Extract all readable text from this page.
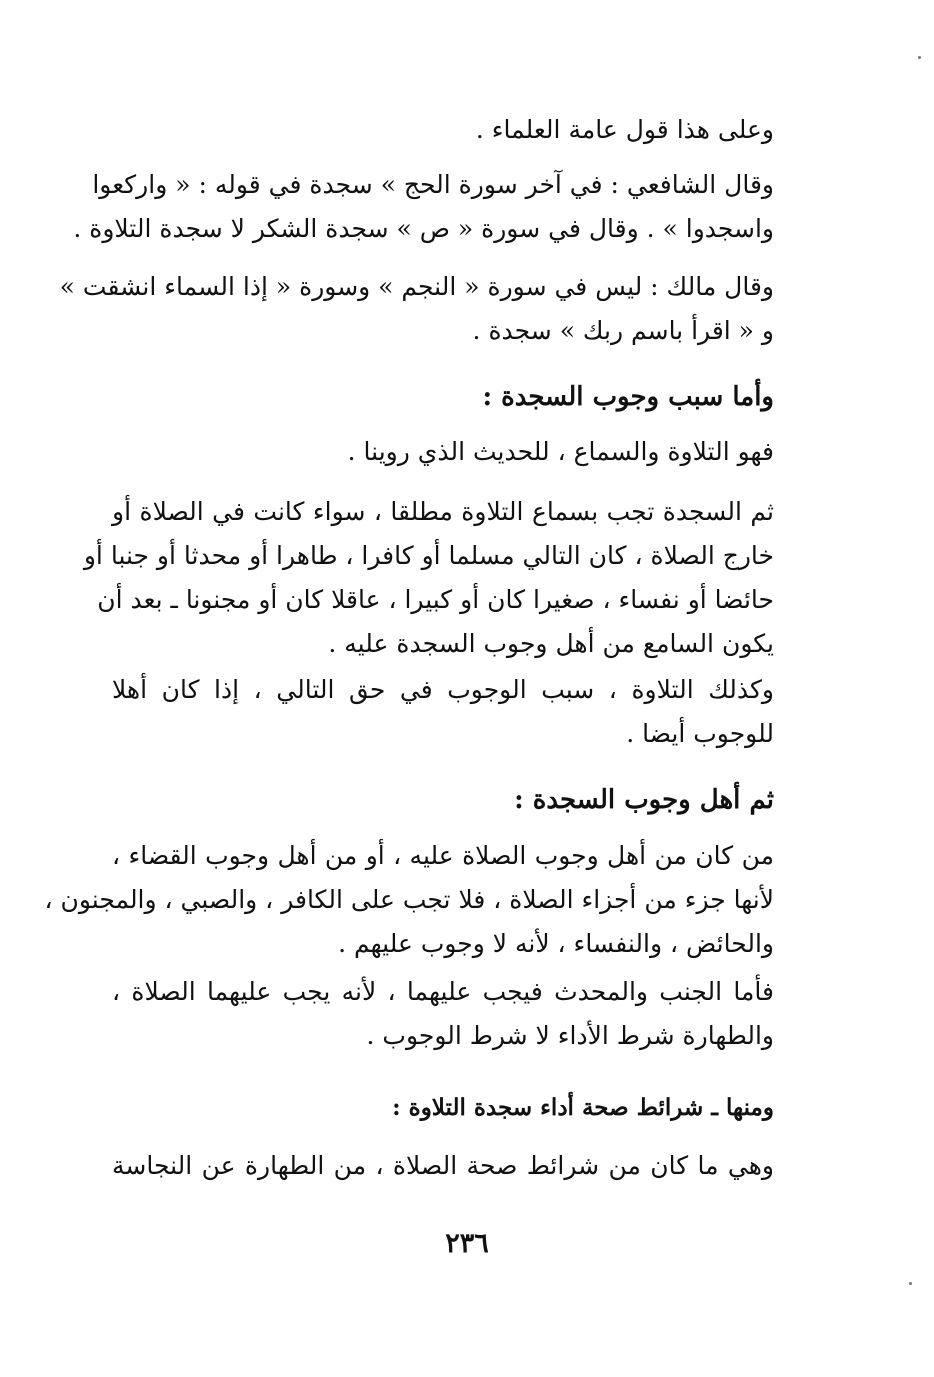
وعلى هذا قول عامة العلماء .
وقال الشافعي : في آخر سورة الحج » سجدة في قوله : « واركعوا
واسجدوا » . وقال في سورة « ص » سجدة الشكر لا سجدة التلاوة .
وقال مالك : ليس في سورة « النجم » وسورة « إذا السماء انشقت »
و « اقرأ باسم ربك » سجدة .
وأما سبب وجوب السجدة :
فهو التلاوة والسماع ، للحديث الذي روينا .
ثم السجدة تجب بسماع التلاوة مطلقا ، سواء كانت في الصلاة أو
خارج الصلاة ، كان التالي مسلما أو كافرا ، طاهرا أو محدثا أو جنبا أو
حائضا أو نفساء ، صغيرا كان أو كبيرا ، عاقلا كان أو مجنونا ـ بعد أن
يكون السامع من أهل وجوب السجدة عليه .
وكذلك التلاوة ، سبب الوجوب في حق التالي ، إذا كان أهلا
للوجوب أيضا .
ثم أهل وجوب السجدة :
من كان من أهل وجوب الصلاة عليه ، أو من أهل وجوب القضاء ،
لأنها جزء من أجزاء الصلاة ، فلا تجب على الكافر ، والصبي ، والمجنون ،
والحائض ، والنفساء ، لأنه لا وجوب عليهم .
فأما الجنب والمحدث فيجب عليهما ، لأنه يجب عليهما الصلاة ،
والطهارة شرط الأداء لا شرط الوجوب .
ومنها ـ شرائط صحة أداء سجدة التلاوة :
وهي ما كان من شرائط صحة الصلاة ، من الطهارة عن النجاسة
٢٣٦
